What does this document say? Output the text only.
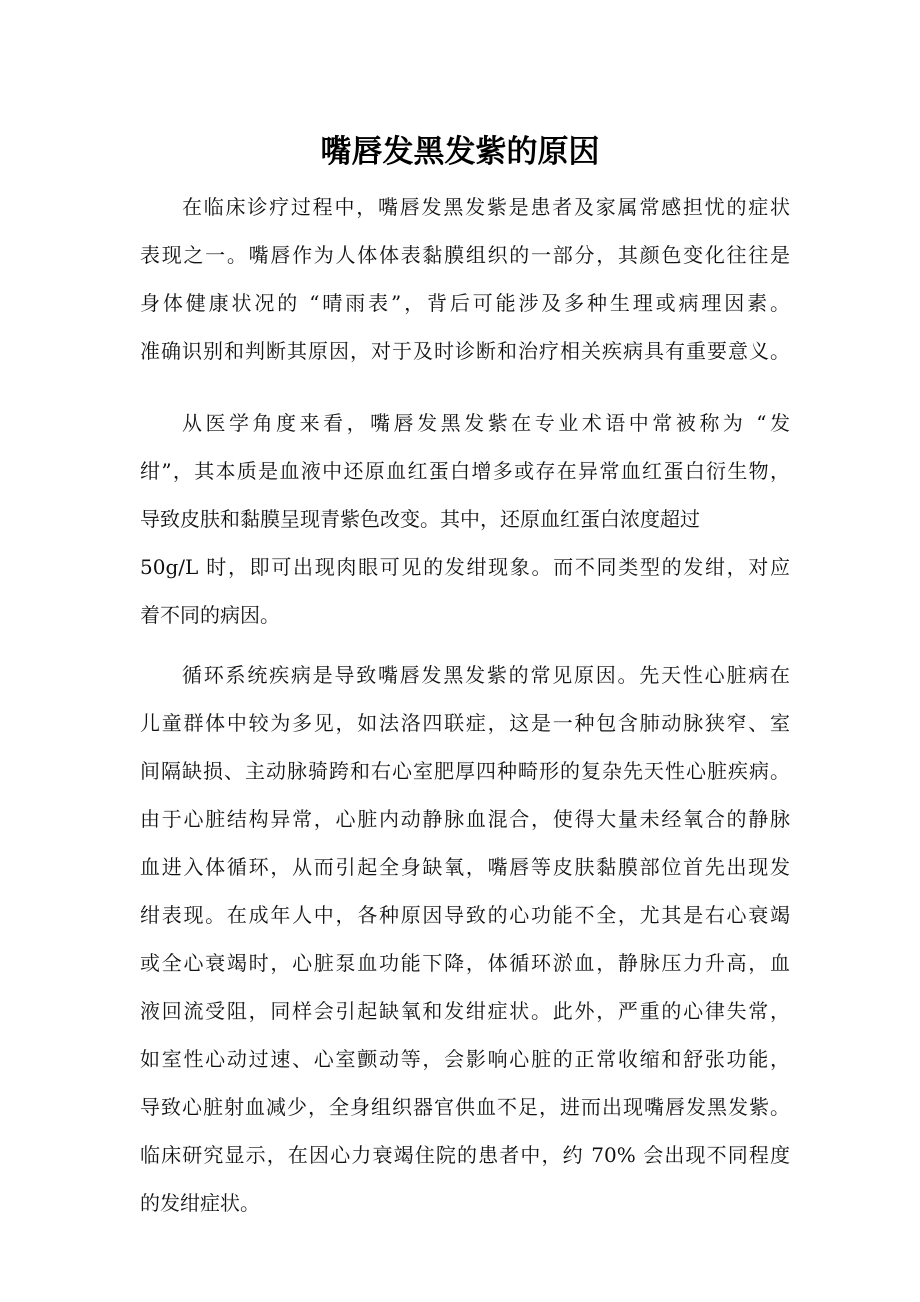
嘴唇发黑发紫的原因

在临床诊疗过程中，嘴唇发黑发紫是患者及家属常感担忧的症状

表现之一。嘴唇作为人体体表黏膜组织的一部分，其颜色变化往往是

身体健康状况的 “晴雨表”，背后可能涉及多种生理或病理因素。

准确识别和判断其原因，对于及时诊断和治疗相关疾病具有重要意义。

从医学角度来看，嘴唇发黑发紫在专业术语中常被称为 “发

绀”，其本质是血液中还原血红蛋白增多或存在异常血红蛋白衍生物，

导致皮肤和黏膜呈现青紫色改变。其中，还原血红蛋白浓度超过

50g/L 时，即可出现肉眼可见的发绀现象。而不同类型的发绀，对应

着不同的病因。

循环系统疾病是导致嘴唇发黑发紫的常见原因。先天性心脏病在

儿童群体中较为多见，如法洛四联症，这是一种包含肺动脉狭窄、室

间隔缺损、主动脉骑跨和右心室肥厚四种畸形的复杂先天性心脏疾病。

由于心脏结构异常，心脏内动静脉血混合，使得大量未经氧合的静脉

血进入体循环，从而引起全身缺氧，嘴唇等皮肤黏膜部位首先出现发

绀表现。在成年人中，各种原因导致的心功能不全，尤其是右心衰竭

或全心衰竭时，心脏泵血功能下降，体循环淤血，静脉压力升高，血

液回流受阻，同样会引起缺氧和发绀症状。此外，严重的心律失常，

如室性心动过速、心室颤动等，会影响心脏的正常收缩和舒张功能，

导致心脏射血减少，全身组织器官供血不足，进而出现嘴唇发黑发紫。

临床研究显示，在因心力衰竭住院的患者中，约 70% 会出现不同程度

的发绀症状。
